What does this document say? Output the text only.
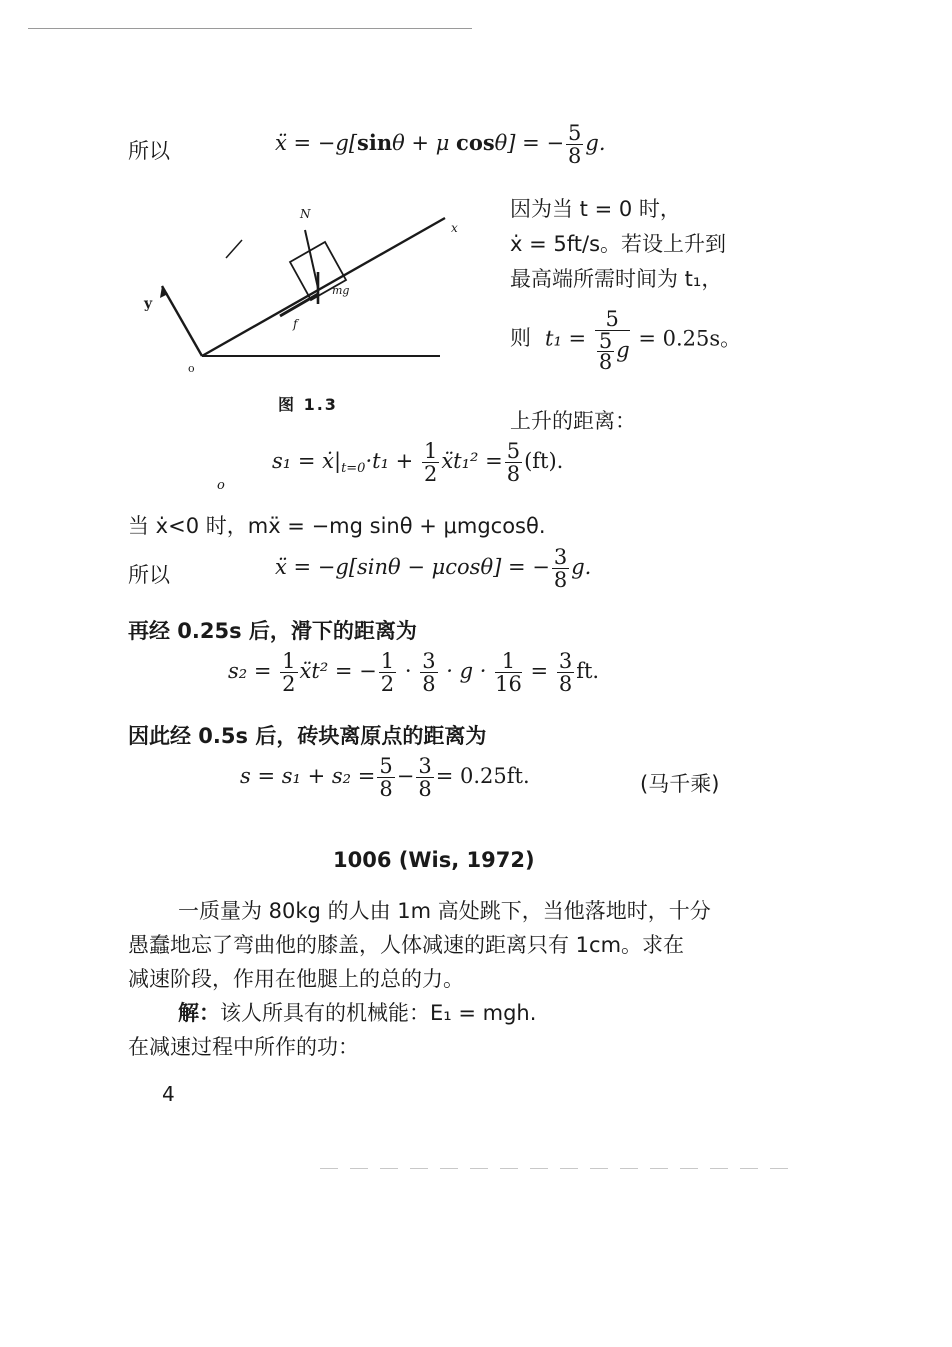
所以	ẍ = −g[sinθ + μ cosθ] = − $\frac{5}{8} g$.
N
x
y
mg
f
o
图 1.3
因为当 t = 0 时，
ẋ = 5ft/s。若设上升到
最高端所需时间为 t₁，
则 $t_1 = \frac{5}{\frac{5}{8} g} = 0.25s$。
上升的距离：
$s_1 = ẋ|_{t=0}\cdot t_1 + \frac{1}{2}$ ẍt₁² = $\frac{5}{8} (ft)$.
o
当 ẋ<0 时，mẍ = −mg sinθ + μmgcosθ.
所以	ẍ = −g[sinθ − μcosθ] = − $\frac{3}{8} g$.
再经 0.25s 后，滑下的距离为
$s_2 = \frac{1}{2}$ ẍt² = − $\frac{1}{2} \cdot \frac{3}{8} \cdot g \cdot \frac{1}{16} = \frac{3}{8}$ ft.
因此经 0.5s 后，砖块离原点的距离为
$s = s_1 + s_2 = \frac{5}{8} - \frac{3}{8} = 0.25ft$.	(马千乘)
1006 (Wis, 1972)
一质量为 80kg 的人由 1m 高处跳下，当他落地时，十分
愚蠢地忘了弯曲他的膝盖，人体减速的距离只有 1cm。求在
减速阶段，作用在他腿上的总的力。
解：该人所具有的机械能：E₁ = mgh.
在减速过程中所作的功：
4
